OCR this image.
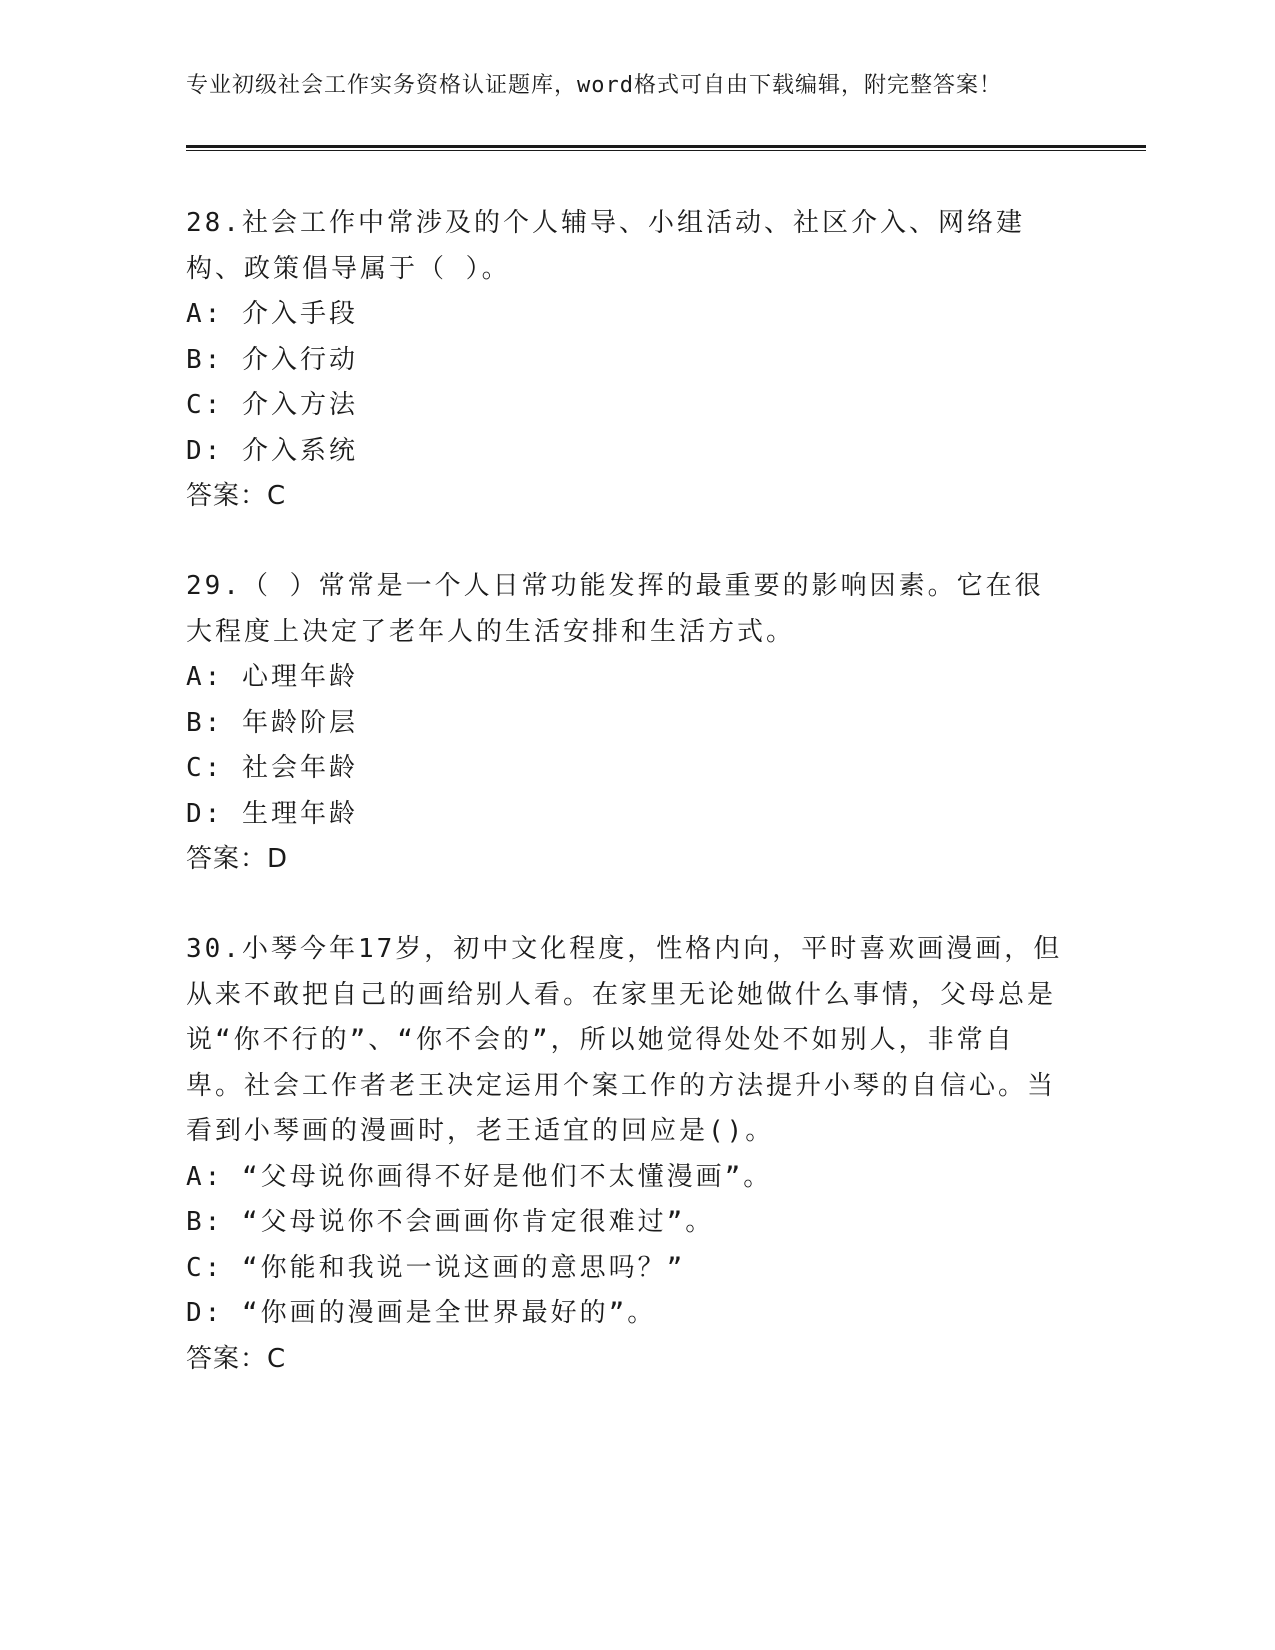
专业初级社会工作实务资格认证题库，word格式可自由下载编辑，附完整答案！

28.社会工作中常涉及的个人辅导、小组活动、社区介入、网络建构、政策倡导属于（ ）。

A: 介入手段

B: 介入行动

C: 介入方法

D: 介入系统

答案：C

29.（ ）常常是一个人日常功能发挥的最重要的影响因素。它在很大程度上决定了老年人的生活安排和生活方式。

A: 心理年龄

B: 年龄阶层

C: 社会年龄

D: 生理年龄

答案：D

30.小琴今年17岁，初中文化程度，性格内向，平时喜欢画漫画，但从来不敢把自己的画给别人看。在家里无论她做什么事情，父母总是说“你不行的”、“你不会的”，所以她觉得处处不如别人，非常自卑。社会工作者老王决定运用个案工作的方法提升小琴的自信心。当看到小琴画的漫画时，老王适宜的回应是()。

A: “父母说你画得不好是他们不太懂漫画”。

B: “父母说你不会画画你肯定很难过”。

C: “你能和我说一说这画的意思吗？”

D: “你画的漫画是全世界最好的”。

答案：C
